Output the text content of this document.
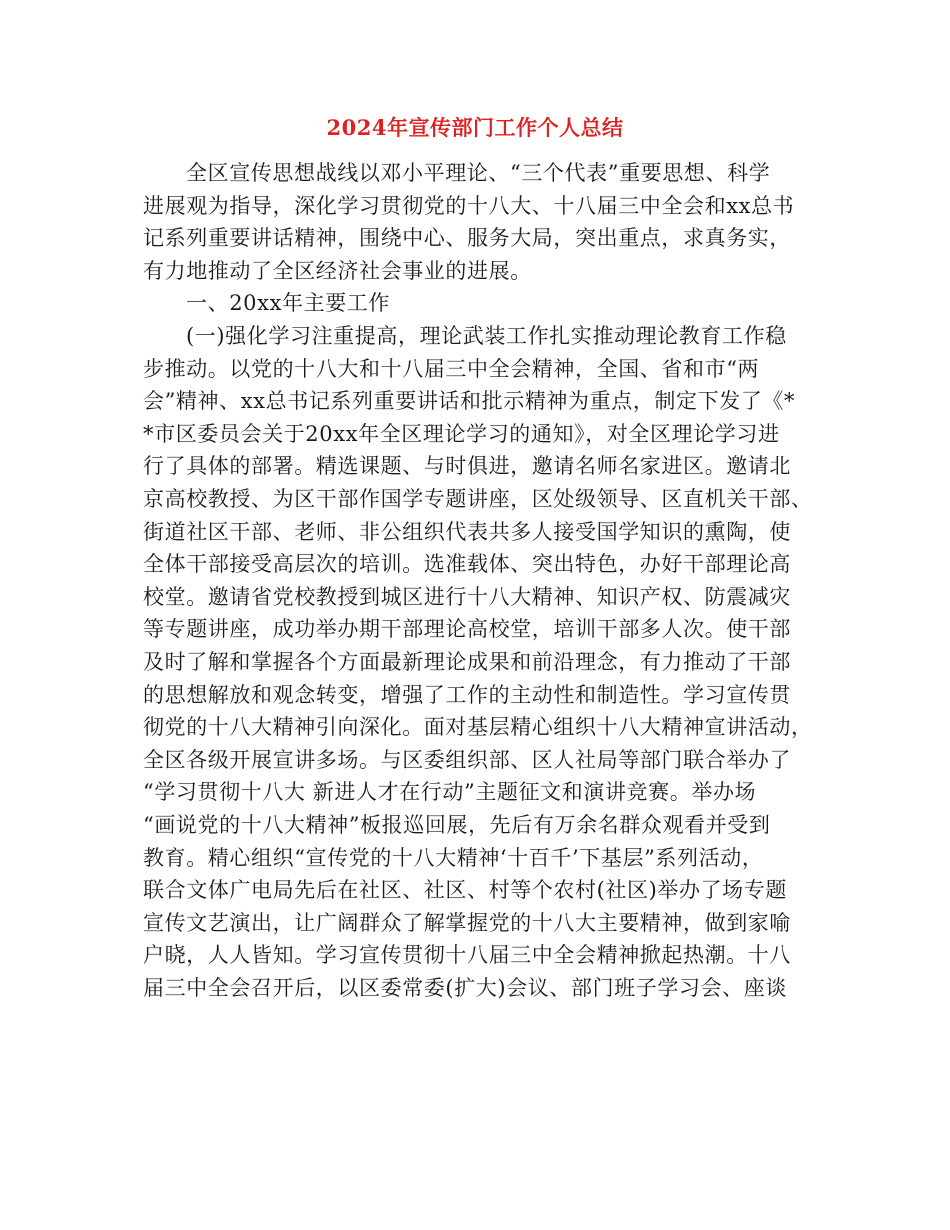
2024年宣传部门工作个人总结
全区宣传思想战线以邓小平理论、“三个代表”重要思想、科学
进展观为指导，深化学习贯彻党的十八大、十八届三中全会和xx总书
记系列重要讲话精神，围绕中心、服务大局，突出重点，求真务实，
有力地推动了全区经济社会事业的进展。
一、20xx年主要工作
(一)强化学习注重提高，理论武装工作扎实推动理论教育工作稳
步推动。以党的十八大和十八届三中全会精神，全国、省和市“两
会”精神、xx总书记系列重要讲话和批示精神为重点，制定下发了《*
*市区委员会关于20xx年全区理论学习的通知》，对全区理论学习进
行了具体的部署。精选课题、与时俱进，邀请名师名家进区。邀请北
京高校教授、为区干部作国学专题讲座，区处级领导、区直机关干部、
街道社区干部、老师、非公组织代表共多人接受国学知识的熏陶，使
全体干部接受高层次的培训。选准载体、突出特色，办好干部理论高
校堂。邀请省党校教授到城区进行十八大精神、知识产权、防震减灾
等专题讲座，成功举办期干部理论高校堂，培训干部多人次。使干部
及时了解和掌握各个方面最新理论成果和前沿理念，有力推动了干部
的思想解放和观念转变，增强了工作的主动性和制造性。学习宣传贯
彻党的十八大精神引向深化。面对基层精心组织十八大精神宣讲活动，
全区各级开展宣讲多场。与区委组织部、区人社局等部门联合举办了
“学习贯彻十八大 新进人才在行动”主题征文和演讲竞赛。举办场
“画说党的十八大精神”板报巡回展，先后有万余名群众观看并受到
教育。精心组织“宣传党的十八大精神‘十百千’下基层”系列活动，
联合文体广电局先后在社区、社区、村等个农村(社区)举办了场专题
宣传文艺演出，让广阔群众了解掌握党的十八大主要精神，做到家喻
户晓，人人皆知。学习宣传贯彻十八届三中全会精神掀起热潮。十八
届三中全会召开后，以区委常委(扩大)会议、部门班子学习会、座谈
